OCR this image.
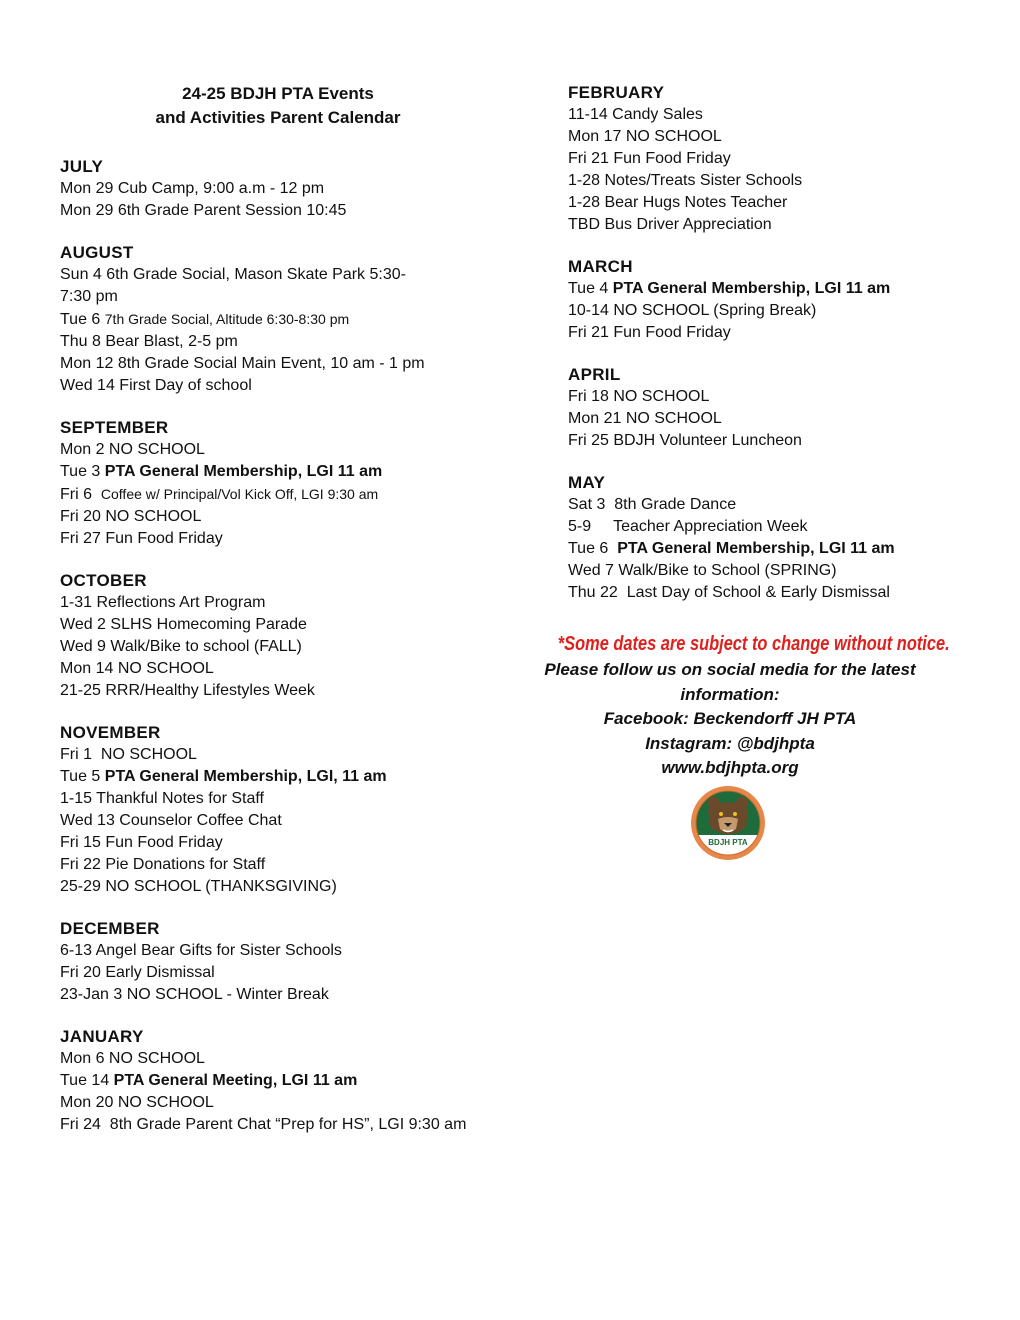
24-25 BDJH PTA Events
and Activities Parent Calendar
JULY
Mon 29 Cub Camp, 9:00 a.m - 12 pm
Mon 29 6th Grade Parent Session 10:45
AUGUST
Sun 4 6th Grade Social, Mason Skate Park 5:30-7:30 pm
Tue 6 7th Grade Social, Altitude 6:30-8:30 pm
Thu 8 Bear Blast, 2-5 pm
Mon 12 8th Grade Social Main Event, 10 am - 1 pm
Wed 14 First Day of school
SEPTEMBER
Mon 2 NO SCHOOL
Tue 3 PTA General Membership, LGI 11 am
Fri 6  Coffee w/ Principal/Vol Kick Off, LGI 9:30 am
Fri 20 NO SCHOOL
Fri 27 Fun Food Friday
OCTOBER
1-31 Reflections Art Program
Wed 2 SLHS Homecoming Parade
Wed 9 Walk/Bike to school (FALL)
Mon 14 NO SCHOOL
21-25 RRR/Healthy Lifestyles Week
NOVEMBER
Fri 1  NO SCHOOL
Tue 5 PTA General Membership, LGI, 11 am
1-15 Thankful Notes for Staff
Wed 13 Counselor Coffee Chat
Fri 15 Fun Food Friday
Fri 22 Pie Donations for Staff
25-29 NO SCHOOL (THANKSGIVING)
DECEMBER
6-13 Angel Bear Gifts for Sister Schools
Fri 20 Early Dismissal
23-Jan 3 NO SCHOOL - Winter Break
JANUARY
Mon 6 NO SCHOOL
Tue 14 PTA General Meeting, LGI 11 am
Mon 20 NO SCHOOL
Fri 24  8th Grade Parent Chat “Prep for HS”, LGI 9:30 am
FEBRUARY
11-14 Candy Sales
Mon 17 NO SCHOOL
Fri 21 Fun Food Friday
1-28 Notes/Treats Sister Schools
1-28 Bear Hugs Notes Teacher
TBD Bus Driver Appreciation
MARCH
Tue 4 PTA General Membership, LGI 11 am
10-14 NO SCHOOL (Spring Break)
Fri 21 Fun Food Friday
APRIL
Fri 18 NO SCHOOL
Mon 21 NO SCHOOL
Fri 25 BDJH Volunteer Luncheon
MAY
Sat 3  8th Grade Dance
5-9     Teacher Appreciation Week
Tue 6  PTA General Membership, LGI 11 am
Wed 7 Walk/Bike to School (SPRING)
Thu 22  Last Day of School & Early Dismissal
*Some dates are subject to change without notice.
Please follow us on social media for the latest
information:
Facebook: Beckendorff JH PTA
Instagram: @bdjhpta
www.bdjhpta.org
BDJH PTA
